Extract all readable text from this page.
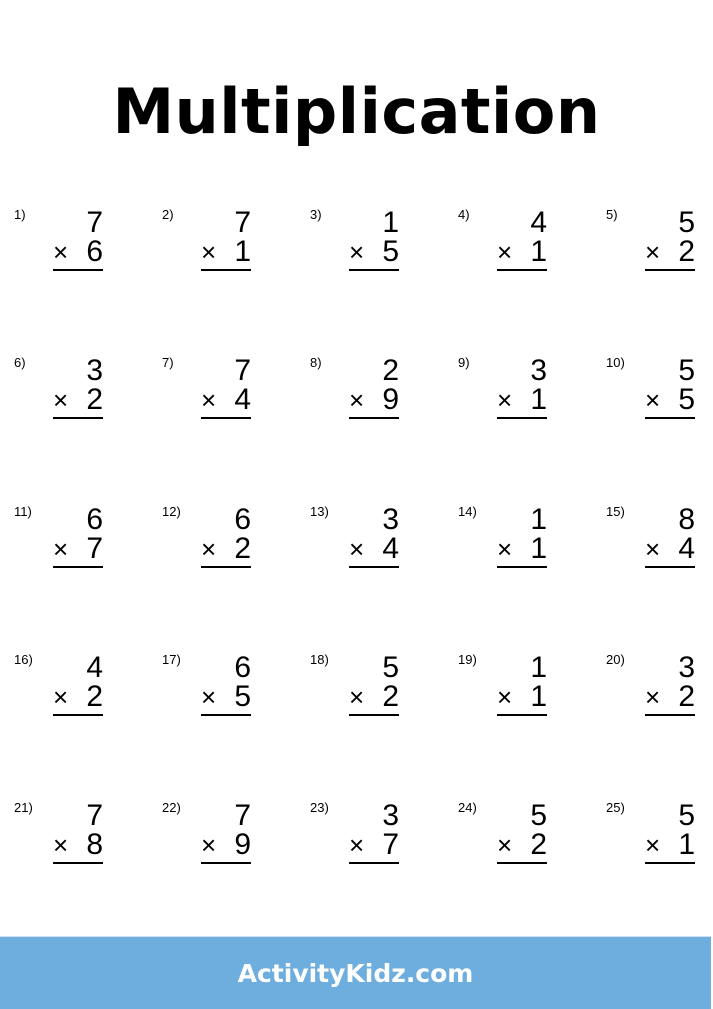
Multiplication
1) 7
× 6
2) 7
× 1
3) 1
× 5
4) 4
× 1
5) 5
× 2
6) 3
× 2
7) 7
× 4
8) 2
× 9
9) 3
× 1
10) 5
× 5
11) 6
× 7
12) 6
× 2
13) 3
× 4
14) 1
× 1
15) 8
× 4
16) 4
× 2
17) 6
× 5
18) 5
× 2
19) 1
× 1
20) 3
× 2
21) 7
× 8
22) 7
× 9
23) 3
× 7
24) 5
× 2
25) 5
× 1
ActivityKidz.com
